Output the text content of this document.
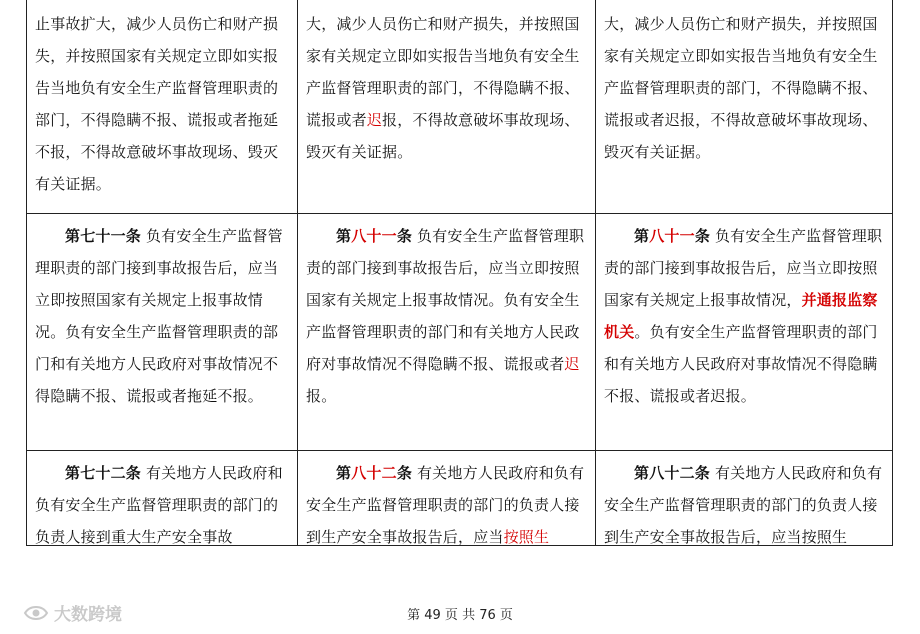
止事故扩大，减少人员伤亡和财产损失，并按照国家有关规定立即如实报告当地负有安全生产监督管理职责的部门，不得隐瞒不报、谎报或者拖延不报，不得故意破坏事故现场、毁灭有关证据。
大，减少人员伤亡和财产损失，并按照国家有关规定立即如实报告当地负有安全生产监督管理职责的部门，不得隐瞒不报、谎报或者迟报，不得故意破坏事故现场、毁灭有关证据。
大，减少人员伤亡和财产损失，并按照国家有关规定立即如实报告当地负有安全生产监督管理职责的部门，不得隐瞒不报、谎报或者迟报，不得故意破坏事故现场、毁灭有关证据。
第七十一条 负有安全生产监督管理职责的部门接到事故报告后，应当立即按照国家有关规定上报事故情况。负有安全生产监督管理职责的部门和有关地方人民政府对事故情况不得隐瞒不报、谎报或者拖延不报。
第八十一条 负有安全生产监督管理职责的部门接到事故报告后，应当立即按照国家有关规定上报事故情况。负有安全生产监督管理职责的部门和有关地方人民政府对事故情况不得隐瞒不报、谎报或者迟报。
第八十一条 负有安全生产监督管理职责的部门接到事故报告后，应当立即按照国家有关规定上报事故情况，并通报监察机关。负有安全生产监督管理职责的部门和有关地方人民政府对事故情况不得隐瞒不报、谎报或者迟报。
第七十二条 有关地方人民政府和负有安全生产监督管理职责的部门的负责人接到重大生产安全事故
第八十二条 有关地方人民政府和负有安全生产监督管理职责的部门的负责人接到生产安全事故报告后，应当按照生
第八十二条 有关地方人民政府和负有安全生产监督管理职责的部门的负责人接到生产安全事故报告后，应当按照生
大数跨境	第 49 页 共 76 页
